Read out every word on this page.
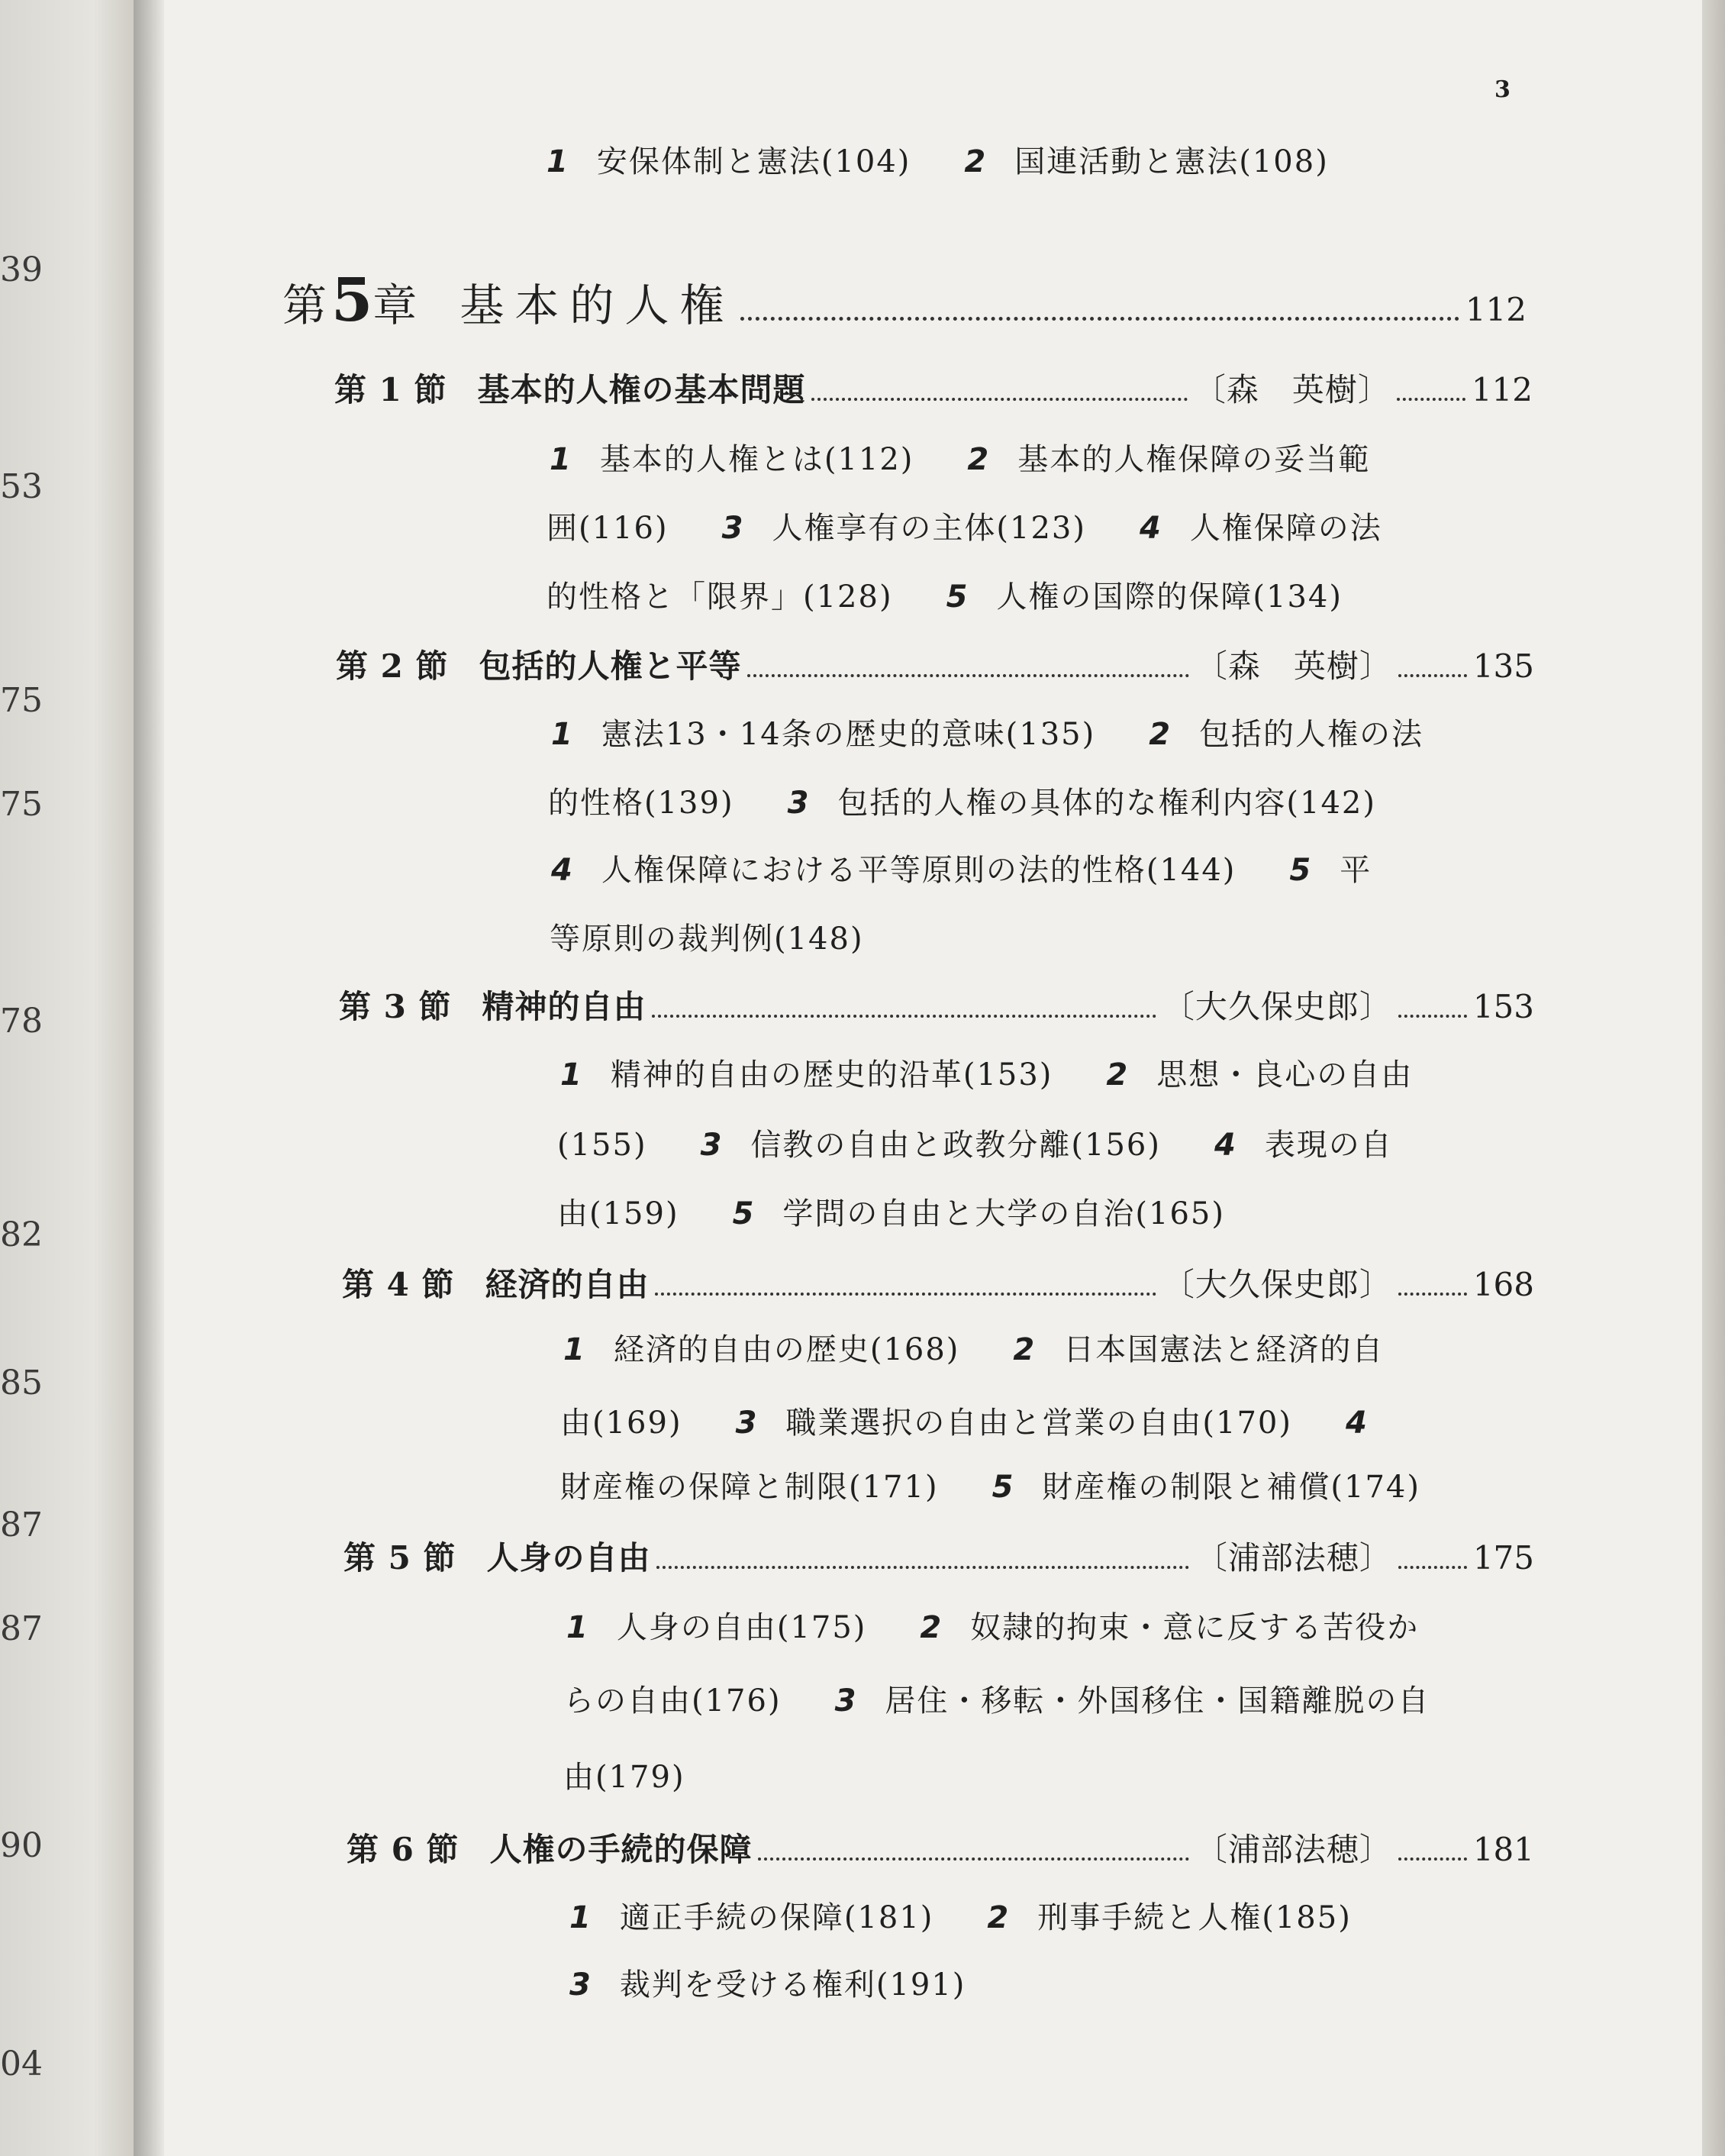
39
53
75
75
78
82
85
87
87
90
04
3
1 安保体制と憲法(104) 2 国連活動と憲法(108)
第 5 章 基本的人権	112
第 1 節 基本的人権の基本問題	〔森　英樹〕	112
1 基本的人権とは(112) 2 基本的人権保障の妥当範
囲(116) 3 人権享有の主体(123) 4 人権保障の法
的性格と「限界」(128) 5 人権の国際的保障(134)
第 2 節 包括的人権と平等	〔森　英樹〕	135
1 憲法13・14条の歴史的意味(135) 2 包括的人権の法
的性格(139) 3 包括的人権の具体的な権利内容(142)
4 人権保障における平等原則の法的性格(144) 5 平
等原則の裁判例(148)
第 3 節 精神的自由	〔大久保史郎〕	153
1 精神的自由の歴史的沿革(153) 2 思想・良心の自由
(155) 3 信教の自由と政教分離(156) 4 表現の自
由(159) 5 学問の自由と大学の自治(165)
第 4 節 経済的自由	〔大久保史郎〕	168
1 経済的自由の歴史(168) 2 日本国憲法と経済的自
由(169) 3 職業選択の自由と営業の自由(170) 4
財産権の保障と制限(171) 5 財産権の制限と補償(174)
第 5 節 人身の自由	〔浦部法穂〕	175
1 人身の自由(175) 2 奴隷的拘束・意に反する苦役か
らの自由(176) 3 居住・移転・外国移住・国籍離脱の自
由(179)
第 6 節 人権の手続的保障	〔浦部法穂〕	181
1 適正手続の保障(181) 2 刑事手続と人権(185)
3 裁判を受ける権利(191)
